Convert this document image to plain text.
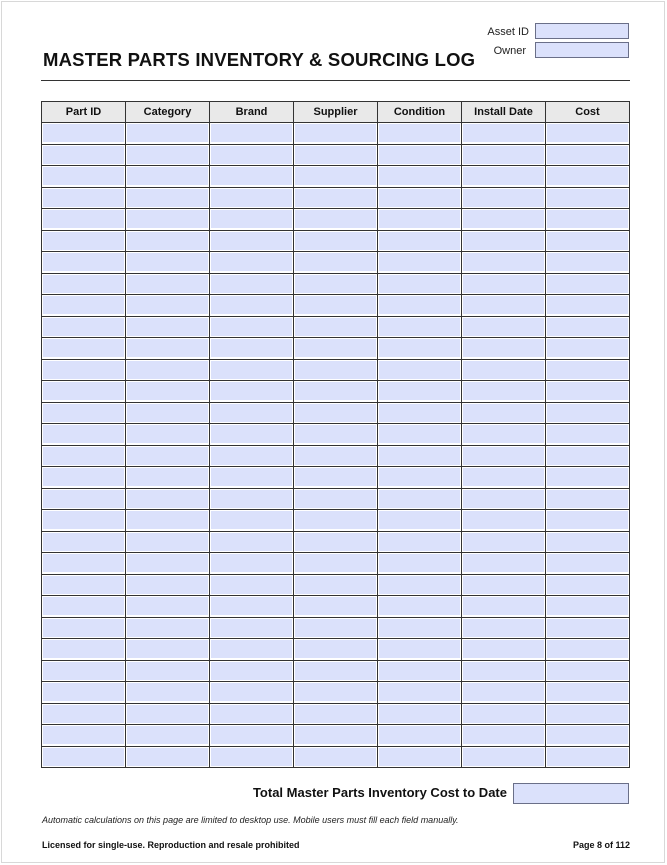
MASTER PARTS INVENTORY & SOURCING LOG
Asset ID
Owner
Part ID	Category	Brand	Supplier	Condition	Install Date	Cost

Total Master Parts Inventory Cost to Date
Automatic calculations on this page are limited to desktop use. Mobile users must fill each field manually.
Licensed for single-use. Reproduction and resale prohibited	Page 8 of 112
